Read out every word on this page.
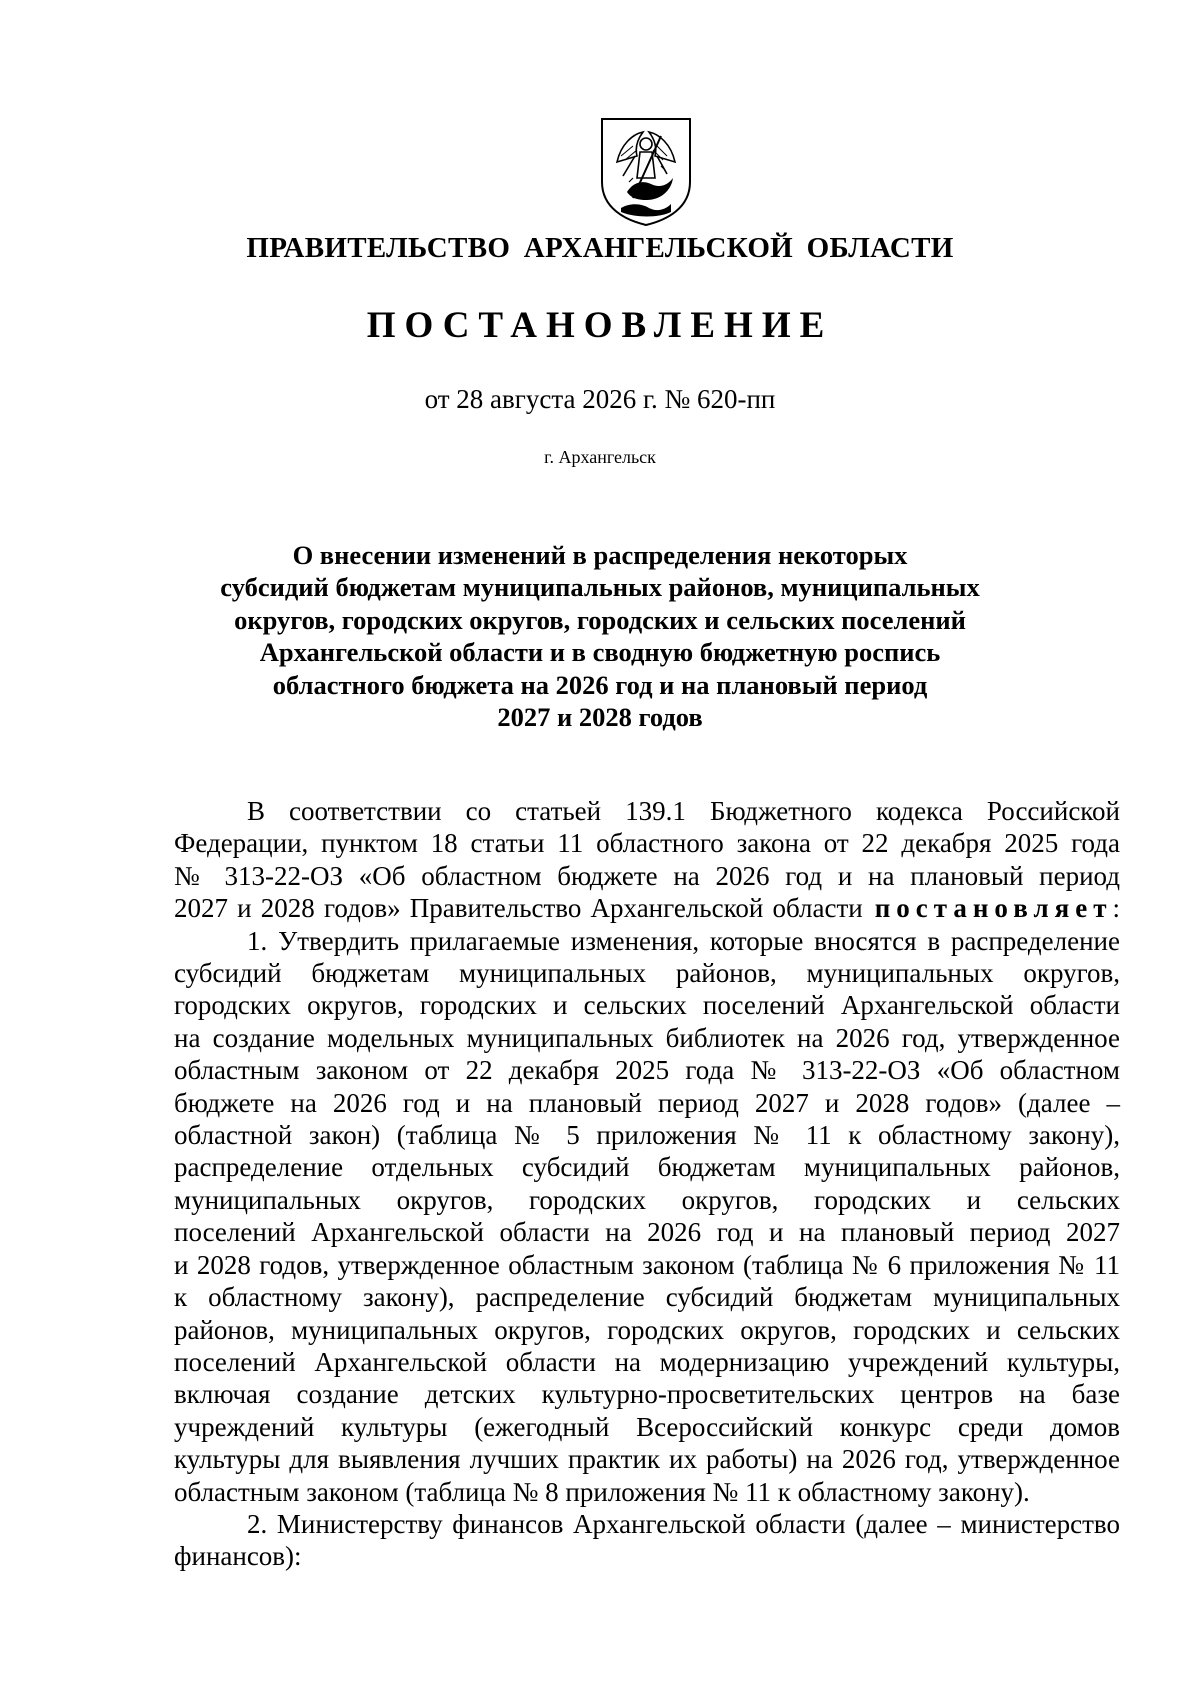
ПРАВИТЕЛЬСТВО АРХАНГЕЛЬСКОЙ ОБЛАСТИ
ПОСТАНОВЛЕНИЕ
от 28 августа 2026 г. № 620-пп
г. Архангельск
О внесении изменений в распределения некоторых
субсидий бюджетам муниципальных районов, муниципальных
округов, городских округов, городских и сельских поселений
Архангельской области и в сводную бюджетную роспись
областного бюджета на 2026 год и на плановый период
2027 и 2028 годов
В соответствии со статьей 139.1 Бюджетного кодекса Российской
Федерации, пунктом 18 статьи 11 областного закона от 22 декабря 2025 года
№ 313-22-ОЗ «Об областном бюджете на 2026 год и на плановый период
2027 и 2028 годов» Правительство Архангельской области постановляет:
1. Утвердить прилагаемые изменения, которые вносятся в распределение
субсидий бюджетам муниципальных районов, муниципальных округов,
городских округов, городских и сельских поселений Архангельской области
на создание модельных муниципальных библиотек на 2026 год, утвержденное
областным законом от 22 декабря 2025 года № 313-22-ОЗ «Об областном
бюджете на 2026 год и на плановый период 2027 и 2028 годов» (далее –
областной закон) (таблица № 5 приложения № 11 к областному закону),
распределение отдельных субсидий бюджетам муниципальных районов,
муниципальных округов, городских округов, городских и сельских
поселений Архангельской области на 2026 год и на плановый период 2027
и 2028 годов, утвержденное областным законом (таблица № 6 приложения № 11
к областному закону), распределение субсидий бюджетам муниципальных
районов, муниципальных округов, городских округов, городских и сельских
поселений Архангельской области на модернизацию учреждений культуры,
включая создание детских культурно-просветительских центров на базе
учреждений культуры (ежегодный Всероссийский конкурс среди домов
культуры для выявления лучших практик их работы) на 2026 год, утвержденное
областным законом (таблица № 8 приложения № 11 к областному закону).
2. Министерству финансов Архангельской области (далее – министерство
финансов):
